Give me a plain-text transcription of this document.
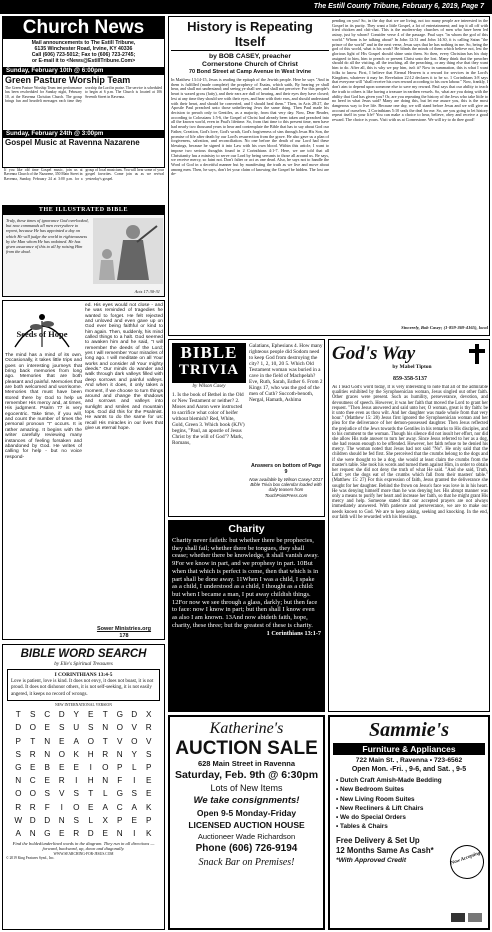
The Estill County Tribune, February 6, 2019, Page 7
Church News
Mail announcements to The Estill Tribune,
6135 Winchester Road, Irvine, KY 40336
Call (606) 723-5012; Fax to (606) 723-2745;
or E-mail it to <News@EstillTribune.Com>
Sunday, February 10th @ 6:00pm
Green Pasture Worship Team
The Green Pasture Worship Team tent performance has been rescheduled for Sunday night, February 10, at the Ravenna Christian Church. The group brings fun and heartfelt messages each time they worship the Lord in praise. The service is scheduled to begin at 6 p.m. The Church is located at 106 Seventh Street in Ravenna.
Sunday, February 24th @ 3:00pm
Gospel Music at Ravenna Nazarene
If you like old time Gospel music, join us at Ravenna Church of the Nazarene, 350 Main Street in Ravenna, Sunday, February 24 at 3:00 p.m. for a group of local musicians. You will hear some of your gospel favorites. Come join us as we revival yesterday's gospel.
THE ILLUSTRATED BIBLE
Truly, these times of ignorance God overlooked, but now commands all men everywhere to repent, because He has appointed a day on which He will judge the world in righteousness by the Man whom He has ordained. He has given assurance of this to all by raising Him from the dead.
Acts 17:30-31
Seeds of Hope
The mind has a mind of its own. Occasionally, it takes little trips and goes on interesting journeys that bring back memories from long ago. Memories that are both pleasant and painful. Memories that are both welcomed and worrisome. Memories that must have been stored there by God to help us remember His mercy and, at times, His judgment. Psalm 77 is very egocentric. Take time, if you will, and count the number of times the personal pronoun "I" occurs. It is rather amazing. It begins with the writer carefully reviewing many instances of feeling forsaken and abandoned by God. He writes of calling for help - but no voice respond-
ed. His eyes would not close - and he was reminded of tragedies he wanted to forget. He felt rejected and unloved and even gave up on God ever being faithful or kind to him again. Then, suddenly, his mind called things to a halt. God seemed to awaken him and he said, "I will remember the deeds of the Lord; yes I will remember Your miracles of long ago. I will meditate on all Your works and consider all Your mighty deeds." Our minds do wander and walk through dark valleys filled with deep sorrows and painful valleys. And when it does, it only takes a moment, if we choose to turn things around and change the shadows and sorrows and valleys into sunlight and smiles and mountain tops. God did this for the Psalmist. He wants to do the same for us: recall His miracles in our lives that give us eternal hope.
Sower Ministries.org
178
BIBLE WORD SEARCH
by Elle's Spiritual Treasures
I CORINTHIANS 13:4-5
Love is patient, love is kind. It does not envy, it does not boast, it is not proud. It does not dishonor others, it is not self-seeking, it is not easily angered, it keeps no record of wrongs.
NEW INTERNATIONAL VERSION
T	S	C	D	Y	E	T	G	D	X
D	O	E	S	U	S	N	O	V	R
P	T	N	E	A	O	T	V	O	V
S	R	N	O	K	H	R	N	Y	S
G	E	B	E	E	I	O	P	L	P
N	C	E	R	I	H	N	F	I	E
O O	S	V	S	T	L	G	S	E
R	R	F	I	O	E	A	C	A	K
W D	D	N	S	L	X	P	E	P
A	N	G	E	R	D	E	N	I	K
Find the bolded/underlined words in the diagram. They run in all directions — forward, backward, up, down and diagonally.
WWW.SEARCHING-FOR-JESUS.COM
© 2019 King Features Synd., Inc.
History is Repeating Itself
by BOB CASEY, preacher
Cornerstone Church of Christ
70 Bond Street at Camp Avenue in West Irvine
In Matthew 13:14-15, Jesus is reading the epitaph of the Jewish people. Here he says "And in them is fulfilled (made complete) the prophecy of Esaias, which saith, By hearing ye shall hear, and shall not understand; and seeing ye shall see, and shall not perceive: For this people's heart is waxed gross (fatty), and their ears are dull of hearing, and their eyes they have closed; lest at any time they should see with their eyes, and hear with their ears, and should understand with their heart, and should be converted, and I should heal them." Then, in Acts 28:27, the Apostle Paul preached unto those unbelieving Jews the same thing. Then Paul made his decision to preach only to Gentiles, as a majority, from that very day. Now, Dear Reader, according to Colossians 1:5-6, the Gospel of Christ had already been taken and preached into all the known world, even in Paul's lifetime. So, from that time to this present time, men have had nearly two thousand years to hear and contemplate the Bible that has to say about God our Father, Creation, God's love, God's wrath, God's forgiveness of sins through Jesus His Son, the promise of life after death by our Lord's resurrection from the grave. He also gave us a plan of forgiveness, salvation, and reconciliation. No one before the death of our Lord had these blessings, because he signed it into Law with his own blood. Within this article, I want to impose two serious thoughts found in 2 Corinthians 4:1-7. Here, we are told that all Christianity has a ministry to serve our Lord by being servants to those all around us. Be says, we receive mercy, so faint not. Don't falter or act as one dead. Also, he says not to handle the Word of God in a deceitful manner but by manifesting the truth as we live and move about among men. Then, he says, don't let your claim of knowing the Gospel be hidden. The lost are de-
pending on you! So, in the day that we are living, not too many people are interested in the Gospel in its purity. They want a little Gospel, a lot of entertainment; and top it all off with fried chicken and chit-chat. This is the modern-day churches of men who have been led astray, just by whom? Consider verse 4 of the passage. Paul says "in whom the god of this world." Whom is he talking about? In John 12:31 and John 14:30, it is calling Satan "the prince of the world" and in the next verse, Jesus says that he has nothing in me. So, being the god of this world, what is his work? He blinds the minds of them which believe not, lest the glorious light of His Gospel should shine unto them. So then, every Christian has his duty assigned to him, him to preach or present Christ unto the lost. Many think that the preacher should do all the visiting, all the teaching, all the preaching, or any thing else that they want him to do. After all, this is why we pay him, isn't it? Now in summation, this is what I want folks to know. First, I believe that Eternal Heaven is a reward for services in the Lord's Kingdom, whatever it may be. Revelation 22:12 declares it to be so. 1 Corinthians 3:8 says that everyone will "shall receive his own reward according to his own labour." Now, frankly, I don't aim to depend upon someone else to save my reward. Paul says that our ability to teach the truth to others is like having a treasure in earthen vessels. So, what are you doing with the ability that God has given you? Or, are you repeating the history of the Jews who take little to no heed in what Jesus said? Many are doing this, but let me assure you, this is the most dangerous way to live life. Because one day, we will stand before Jesus and we will give an account of ourselves. 2 Corinthians 5:10 seals the deal for me. So, are you going to let history repeat itself in your life? You can make a choice to hear, believe, obey and receive a good reward. The choice is yours. Visit with us at Cornerstone. We will try to do thee good!
Sincerely, Bob Casey; (1-859-369-4165), local
BIBLE
TRIVIA
by Wilson Casey
1. Is the book of Bethel in the Old or New Testament or neither? 2. Moses and Aaron were instructed to sacrifice what color of heifer without blemish? Red, White, Gold, Green 3. Which book (KJV) begins, "Paul, an apostle of Jesus Christ by the will of God"? Mark, Romans,
Galatians, Ephesians 4. How many righteous people did Sodom need to keep God from destroying the city? 1, 2, 10, 20 5. Which Old Testament woman was buried in a cave in the field of Machpelah? Eve, Ruth, Sarah, Esther 6. From 2 Kings 17, who was the god of the men of Cuth? Succoth-benoth, Nergal, Hamath, Ashima
Answers on bottom of Page 9
Now available by Wilson Casey! 2017 Bible Trivia box calendar loaded with daily teasers from TouchPointPress.com
Charity
Charity never faileth: but whether there be prophecies, they shall fail; whether there be tongues, they shall cease; whether there be knowledge, it shall vanish away. 9For we know in part, and we prophesy in part. 10But when that which is perfect is come, then that which is in part shall be done away. 11When I was a child, I spake as a child, I understood as a child, I thought as a child: but when I became a man, I put away childish things. 12For now we see through a glass, darkly; but then face to face: now I know in part; but then shall I know even as also I am known. 13And now abideth faith, hope, charity, these three; but the greatest of these is charity.
1 Corinthians 13:1-7
God's Way
by Mabel Tipton
859-358-5137
As I read God's word today, It is very interesting to note that all of the admirable qualities exhibited by the Syrophoenician woman, Jesus singled out other faith. Other graces were present. Such as humility, perseverance, devotion, and devoutness of speech. However, it was her faith that moved the Lord to grant her request. "Then Jesus answered and said unto her, O woman, great is thy faith: be it unto thee even as thou wilt. And her daughter was made whole from that very hour." (Matthew 15: 28) Jesus first ignored the Syrophoenician woman and her plea for the deliverance of her demon-possessed daughter. Then Jesus reflected the prejudice of the Jews towards the Gentiles in his remarks to His disciples, and to his comment to the woman. Though his silence did not insult her effort, nor did she allow His rude answer to turn her away. Since Jesus referred to her as a dog, she had reason enough to be offended. However, her faith refuse to be denied his mercy. The woman noted that Jesus had not said "No". He only said that the children should be fed first. She perceived that the crumbs belong to the dogs and if she were thought to be a dog, she would at least claim the crumbs from the master's table. She took his words and turned them against Him, in order to obtain her request she did not deny the truth of what He said. "And she said, Truth, Lord: yet the dogs eat of the crumbs which fall from their masters' table." (Matthew 15: 27) For this expression of faith, Jesus granted the deliverance she sought for her daughter. Behind the frown on Jesus's face was love in in his heart. He was denying himself more than he was denying her. His abrupt manner was only a means to purify her heart and increase her faith, so that he might grant His mercy and help. Someone stated that our accepted prayers are not always immediately answered. With patience and perseverance, we are to make our needs known to God. We are to keep asking, seeking and knocking. In the end, our faith will be rewarded with his blessings.
Katherine's
AUCTION SALE
628 Main Street in Ravenna
Saturday, Feb. 9th @ 6:30pm
Lots of New Items
We take consignments!
Open 9-5 Monday-Friday
LICENSED AUCTION HOUSE
Auctioneer Wade Richardson
Phone (606) 726-9194
Snack Bar on Premises!
Sammie's
Furniture & Appliances
722 Main St. , Ravenna • 723-6562
Open Mon. -Fri. , 9-6, and Sat. , 9-5
• Dutch Craft Amish-Made Bedding
• New Bedroom Suites
• New Living Room Suites
• New Recliners & Lift Chairs
• We do Special Orders
• Tables & Chairs
Now Accepting
Free Delivery & Set Up
12 Months Same As Cash*
*With Approved Credit
